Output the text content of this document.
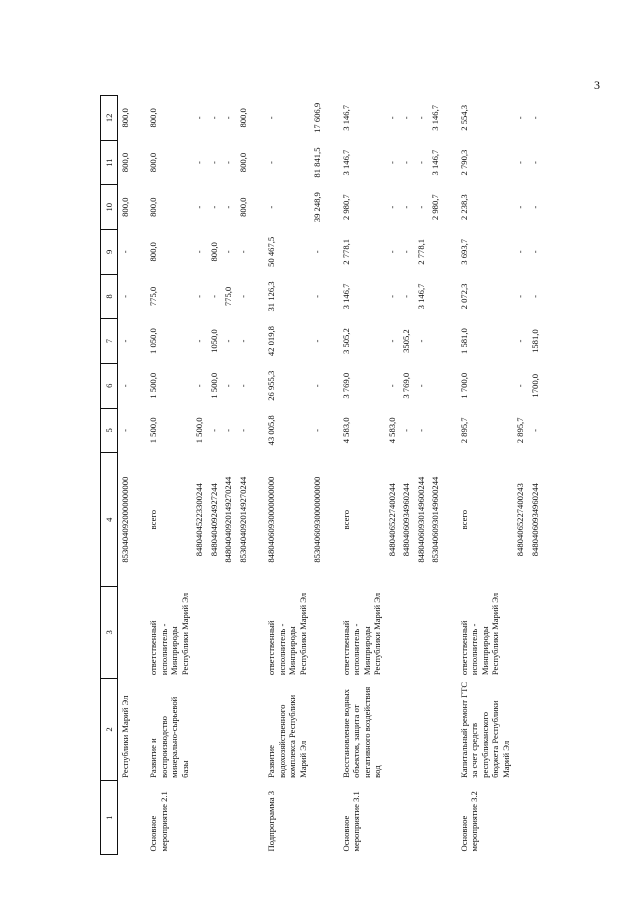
3
1	2	3	4	5	6	7	8	9	10	11	12
	Республики Марий Эл		85304040920000000000	-	-	-	-	-	800,0	800,0	800,0

Основное мероприятие 2.1	Развитие и воспроизводство минерально-сырьевой базы	ответственный исполнитель - Минприроды Республики Марий Эл	всего	1 500,0	1 500,0	1 050,0	775,0	800,0	800,0	800,0	800,0
			84804045223300244	1 500,0	-	-	-	-	-	-	-
			84804040924927244	-	1 500,0	1050,0	-	800,0	-	-	-
			84804040920149270244	-	-	-	775,0	-	-	-	-
			85304040920149270244	-	-	-	-	-	800,0	800,0	800,0

Подпрограмма 3	Развитие водохозяйственного комплекса Республики Марий Эл	ответственный исполнитель - Минприроды Республики Марий Эл	84804060930000000000	43 005,8	26 955,3	42 019,8	31 126,3	50 467,5	-	-	-
			85304060930000000000	-	-	-	-	-	39 248,9	81 841,5	17 606,9

Основное мероприятие 3.1	Восстановление водных объектов, защита от негативного воздействия вод	ответственный исполнитель - Минприроды Республики Марий Эл	всего	4 583,0	3 769,0	3 505,2	3 146,7	2 778,1	2 980,7	3 146,7	3 146,7
			84804065227400244	4 583,0	-	-	-	-	-	-	-
			84804060934960244	-	3 769,0	3505,2	-	-	-	-	-
			84804060930149600244	-	-	-	3 146,7	2 778,1	-	-	-
			85304060930149600244						2 980,7	3 146,7	3 146,7

Основное мероприятие 3.2	Капитальный ремонт ГТС за счет средств республиканского бюджета Республики Марий Эл	ответственный исполнитель - Минприроды Республики Марий Эл	всего	2 895,7	1 700,0	1 581,0	2 072,3	3 693,7	2 238,3	2 790,3	2 554,3
			84804065227400243	2 895,7	-	-	-	-	-	-	-
			84804060934960244	-	1700,0	1581,0	-	-	-	-	-
